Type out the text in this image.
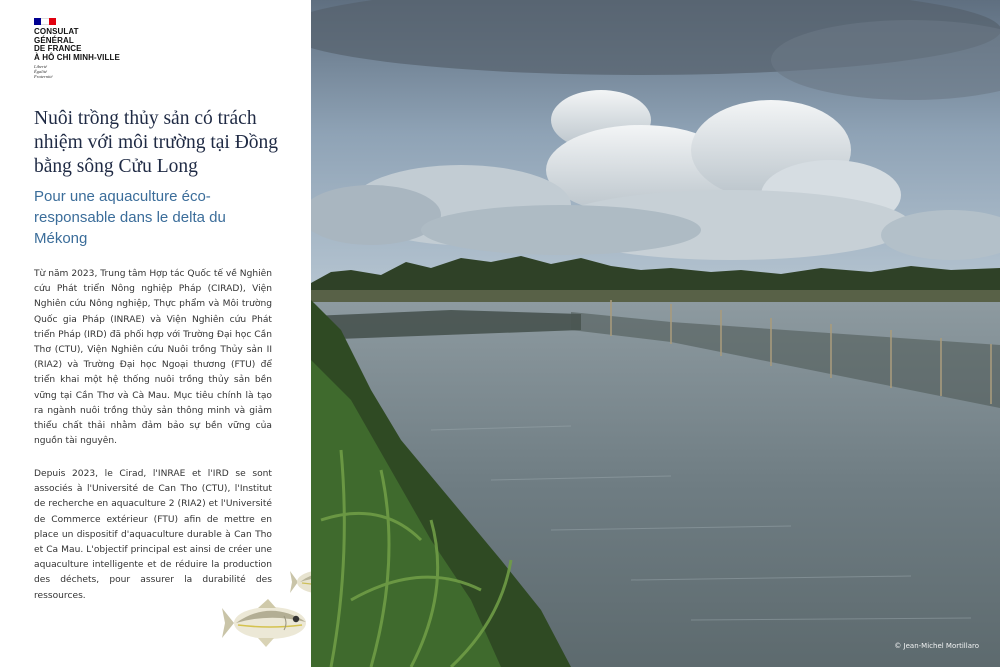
CONSULAT
GÉNÉRAL
DE FRANCE
À HÔ CHI MINH-VILLE
Liberté
Égalité
Fraternité
Nuôi trồng thủy sản có trách nhiệm với môi trường tại Đồng bằng sông Cửu Long
Pour une aquaculture éco-responsable dans le delta du Mékong

Từ năm 2023, Trung tâm Hợp tác Quốc tế về Nghiên cứu Phát triển Nông nghiệp Pháp (CIRAD), Viện Nghiên cứu Nông nghiệp, Thực phẩm và Môi trường Quốc gia Pháp (INRAE) và Viện Nghiên cứu Phát triển Pháp (IRD) đã phối hợp với Trường Đại học Cần Thơ (CTU), Viện Nghiên cứu Nuôi trồng Thủy sản II (RIA2) và Trường Đại học Ngoại thương (FTU) để triển khai một hệ thống nuôi trồng thủy sản bền vững tại Cần Thơ và Cà Mau. Mục tiêu chính là tạo ra ngành nuôi trồng thủy sản thông minh và giảm thiểu chất thải nhằm đảm bảo sự bền vững của nguồn tài nguyên.

Depuis 2023, le Cirad, l'INRAE et l'IRD se sont associés à l'Université de Can Tho (CTU), l'Institut de recherche en aquaculture 2 (RIA2) et l'Université de Commerce extérieur (FTU) afin de mettre en place un dispositif d'aquaculture durable à Can Tho et Ca Mau. L'objectif principal est ainsi de créer une aquaculture intelligente et de réduire la production des déchets, pour assurer la durabilité des ressources.

© Jean-Michel Mortillaro
